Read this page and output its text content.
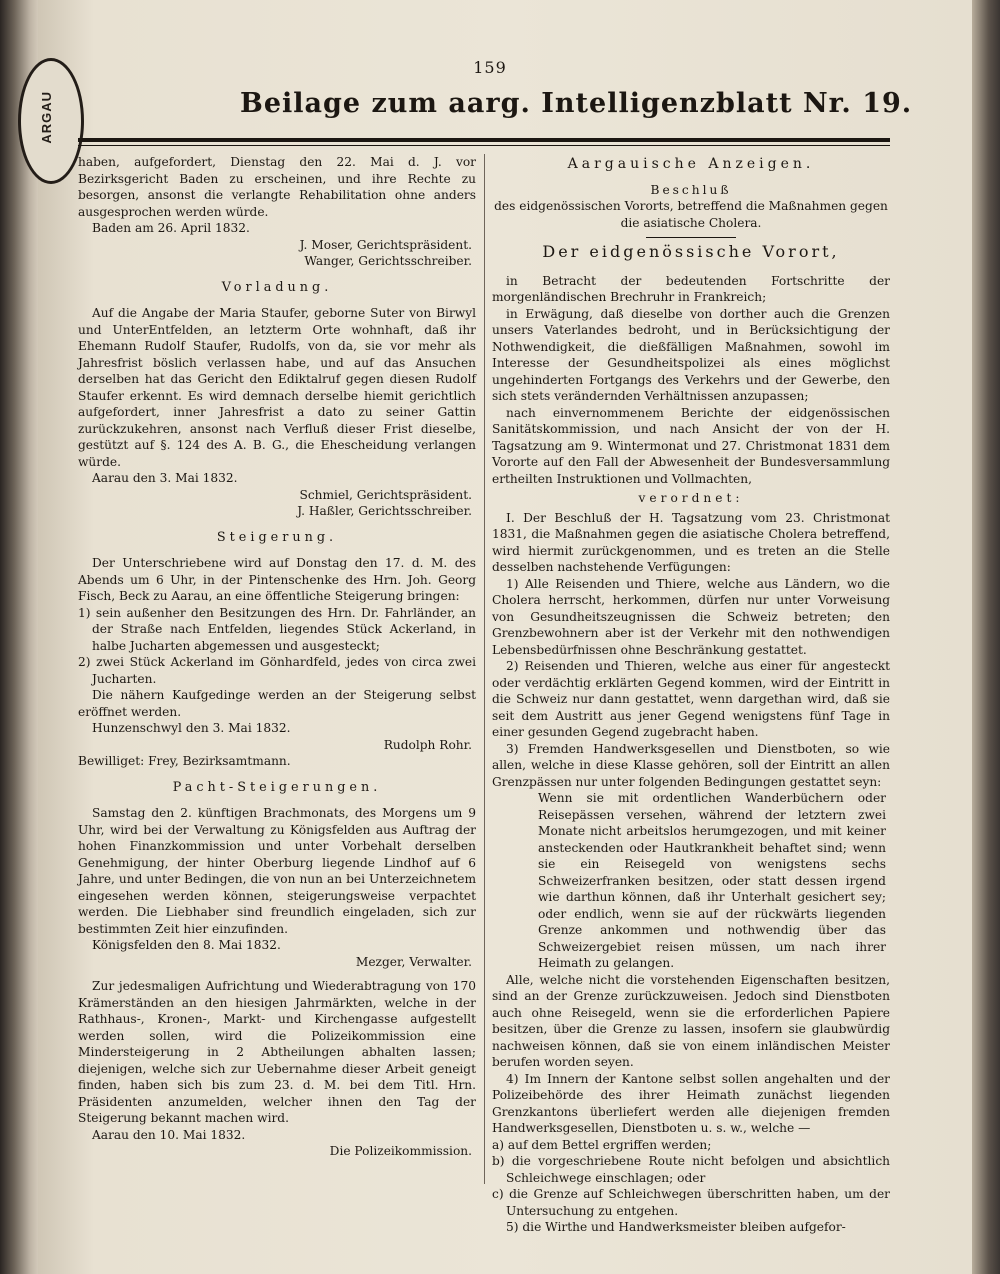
ARGAU
159
Beilage zum aarg. Intelligenzblatt Nr. 19.

haben, aufgefordert, Dienstag den 22. Mai d. J. vor Bezirksgericht Baden zu erscheinen, und ihre Rechte zu besorgen, ansonst die verlangte Rehabilitation ohne anders ausgesprochen werden würde.

Baden am 26. April 1832.

J. Moser, Gerichtspräsident.

Wanger, Gerichtsschreiber.

Vorladung.

Auf die Angabe der Maria Staufer, geborne Suter von Birwyl und UnterEntfelden, an letzterm Orte wohnhaft, daß ihr Ehemann Rudolf Staufer, Rudolfs, von da, sie vor mehr als Jahresfrist böslich verlassen habe, und auf das Ansuchen derselben hat das Gericht den Ediktalruf gegen diesen Rudolf Staufer erkennt. Es wird demnach derselbe hiemit gerichtlich aufgefordert, inner Jahresfrist a dato zu seiner Gattin zurückzukehren, ansonst nach Verfluß dieser Frist dieselbe, gestützt auf §. 124 des A. B. G., die Ehescheidung verlangen würde.

Aarau den 3. Mai 1832.

Schmiel, Gerichtspräsident.

J. Haßler, Gerichtsschreiber.

Steigerung.

Der Unterschriebene wird auf Donstag den 17. d. M. des Abends um 6 Uhr, in der Pintenschenke des Hrn. Joh. Georg Fisch, Beck zu Aarau, an eine öffentliche Steigerung bringen:

1) sein außenher den Besitzungen des Hrn. Dr. Fahrländer, an der Straße nach Entfelden, liegendes Stück Ackerland, in halbe Jucharten abgemessen und ausgesteckt;

2) zwei Stück Ackerland im Gönhardfeld, jedes von circa zwei Jucharten.

Die nähern Kaufgedinge werden an der Steigerung selbst eröffnet werden.

Hunzenschwyl den 3. Mai 1832.

Rudolph Rohr.

Bewilliget: Frey, Bezirksamtmann.

Pacht-Steigerungen.

Samstag den 2. künftigen Brachmonats, des Morgens um 9 Uhr, wird bei der Verwaltung zu Königsfelden aus Auftrag der hohen Finanzkommission und unter Vorbehalt derselben Genehmigung, der hinter Oberburg liegende Lindhof auf 6 Jahre, und unter Bedingen, die von nun an bei Unterzeichnetem eingesehen werden können, steigerungsweise verpachtet werden. Die Liebhaber sind freundlich eingeladen, sich zur bestimmten Zeit hier einzufinden.

Königsfelden den 8. Mai 1832.

Mezger, Verwalter.

Zur jedesmaligen Aufrichtung und Wiederabtragung von 170 Krämerständen an den hiesigen Jahrmärkten, welche in der Rathhaus-, Kronen-, Markt- und Kirchengasse aufgestellt werden sollen, wird die Polizeikommission eine Mindersteigerung in 2 Abtheilungen abhalten lassen; diejenigen, welche sich zur Uebernahme dieser Arbeit geneigt finden, haben sich bis zum 23. d. M. bei dem Titl. Hrn. Präsidenten anzumelden, welcher ihnen den Tag der Steigerung bekannt machen wird.

Aarau den 10. Mai 1832.

Die Polizeikommission.

Aargauische Anzeigen.
Beschluß

des eidgenössischen Vororts, betreffend die Maßnahmen gegen die asiatische Cholera.

Der eidgenössische Vorort,

in Betracht der bedeutenden Fortschritte der morgenländischen Brechruhr in Frankreich;

in Erwägung, daß dieselbe von dorther auch die Grenzen unsers Vaterlandes bedroht, und in Berücksichtigung der Nothwendigkeit, die dießfälligen Maßnahmen, sowohl im Interesse der Gesundheitspolizei als eines möglichst ungehinderten Fortgangs des Verkehrs und der Gewerbe, den sich stets verändernden Verhältnissen anzupassen;

nach einvernommenem Berichte der eidgenössischen Sanitätskommission, und nach Ansicht der von der H. Tagsatzung am 9. Wintermonat und 27. Christmonat 1831 dem Vororte auf den Fall der Abwesenheit der Bundesversammlung ertheilten Instruktionen und Vollmachten,

verordnet:

I. Der Beschluß der H. Tagsatzung vom 23. Christmonat 1831, die Maßnahmen gegen die asiatische Cholera betreffend, wird hiermit zurückgenommen, und es treten an die Stelle desselben nachstehende Verfügungen:

1) Alle Reisenden und Thiere, welche aus Ländern, wo die Cholera herrscht, herkommen, dürfen nur unter Vorweisung von Gesundheitszeugnissen die Schweiz betreten; den Grenzbewohnern aber ist der Verkehr mit den nothwendigen Lebensbedürfnissen ohne Beschränkung gestattet.

2) Reisenden und Thieren, welche aus einer für angesteckt oder verdächtig erklärten Gegend kommen, wird der Eintritt in die Schweiz nur dann gestattet, wenn dargethan wird, daß sie seit dem Austritt aus jener Gegend wenigstens fünf Tage in einer gesunden Gegend zugebracht haben.

3) Fremden Handwerksgesellen und Dienstboten, so wie allen, welche in diese Klasse gehören, soll der Eintritt an allen Grenzpässen nur unter folgenden Bedingungen gestattet seyn:

Wenn sie mit ordentlichen Wanderbüchern oder Reisepässen versehen, während der letztern zwei Monate nicht arbeitslos herumgezogen, und mit keiner ansteckenden oder Hautkrankheit behaftet sind; wenn sie ein Reisegeld von wenigstens sechs Schweizerfranken besitzen, oder statt dessen irgend wie darthun können, daß ihr Unterhalt gesichert sey; oder endlich, wenn sie auf der rückwärts liegenden Grenze ankommen und nothwendig über das Schweizergebiet reisen müssen, um nach ihrer Heimath zu gelangen.

Alle, welche nicht die vorstehenden Eigenschaften besitzen, sind an der Grenze zurückzuweisen. Jedoch sind Dienstboten auch ohne Reisegeld, wenn sie die erforderlichen Papiere besitzen, über die Grenze zu lassen, insofern sie glaubwürdig nachweisen können, daß sie von einem inländischen Meister berufen worden seyen.

4) Im Innern der Kantone selbst sollen angehalten und der Polizeibehörde des ihrer Heimath zunächst liegenden Grenzkantons überliefert werden alle diejenigen fremden Handwerksgesellen, Dienstboten u. s. w., welche —

a) auf dem Bettel ergriffen werden;

b) die vorgeschriebene Route nicht befolgen und absichtlich Schleichwege einschlagen; oder

c) die Grenze auf Schleichwegen überschritten haben, um der Untersuchung zu entgehen.

5) die Wirthe und Handwerksmeister bleiben aufgefor-
